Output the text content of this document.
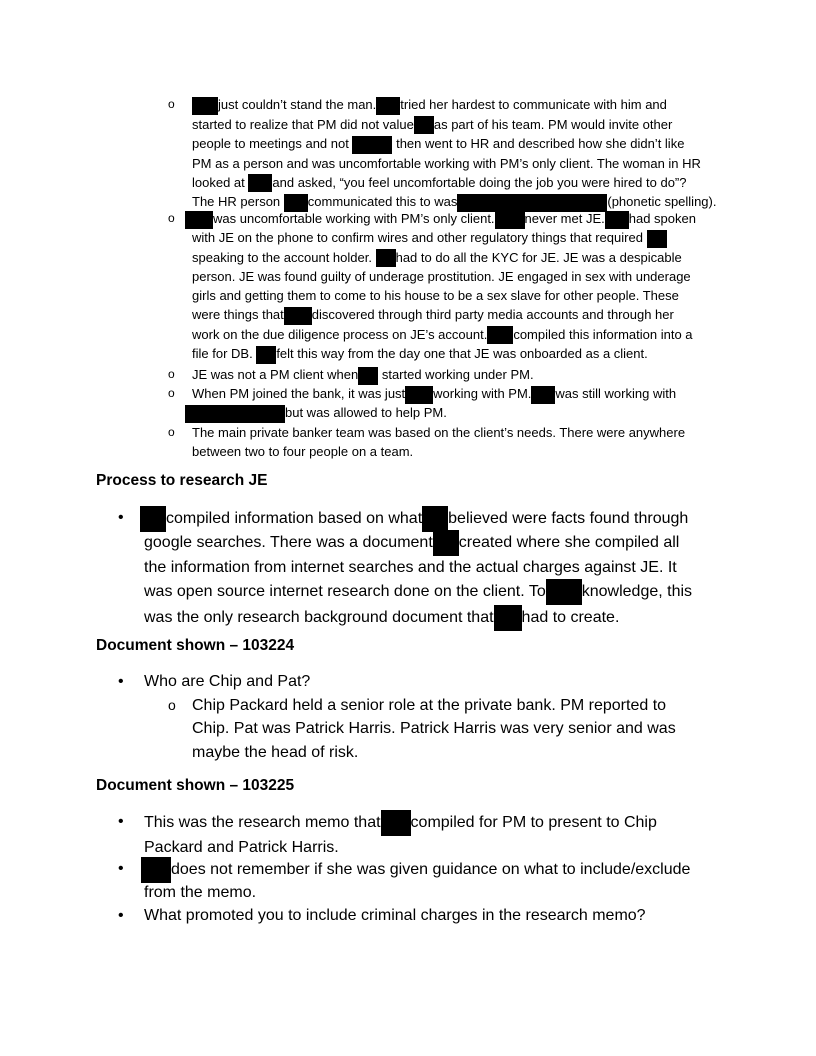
o	just couldn’t stand the man. tried her hardest to communicate with him and
started to realize that PM did not value as part of his team. PM would invite other
people to meetings and not	then went to HR and described how she didn’t like
PM as a person and was uncomfortable working with PM’s only client. The woman in HR
looked at and asked, “you feel uncomfortable doing the job you were hired to do”?
The HR person communicated this to was	(phonetic spelling).
o	was uncomfortable working with PM’s only client. never met JE. had spoken
with JE on the phone to confirm wires and other regulatory things that required
speaking to the account holder. had to do all the KYC for JE. JE was a despicable
person. JE was found guilty of underage prostitution. JE engaged in sex with underage
girls and getting them to come to his house to be a sex slave for other people. These
were things that discovered through third party media accounts and through her
work on the due diligence process on JE’s account. compiled this information into a
file for DB. felt this way from the day one that JE was onboarded as a client.
o JE was not a PM client when started working under PM.
o When PM joined the bank, it was just working with PM. was still working with
but was allowed to help PM.
o The main private banker team was based on the client’s needs. There were anywhere
between two to four people on a team.
Process to research JE
•	compiled information based on what believed were facts found through
google searches. There was a document created where she compiled all
the information from internet searches and the actual charges against JE. It
was open source internet research done on the client. To knowledge, this
was the only research background document that had to create.
Document shown – 103224
• Who are Chip and Pat?
o Chip Packard held a senior role at the private bank. PM reported to
Chip. Pat was Patrick Harris. Patrick Harris was very senior and was
maybe the head of risk.
Document shown – 103225
• This was the research memo that compiled for PM to present to Chip
Packard and Patrick Harris.
•	does not remember if she was given guidance on what to include/exclude
from the memo.
• What promoted you to include criminal charges in the research memo?
